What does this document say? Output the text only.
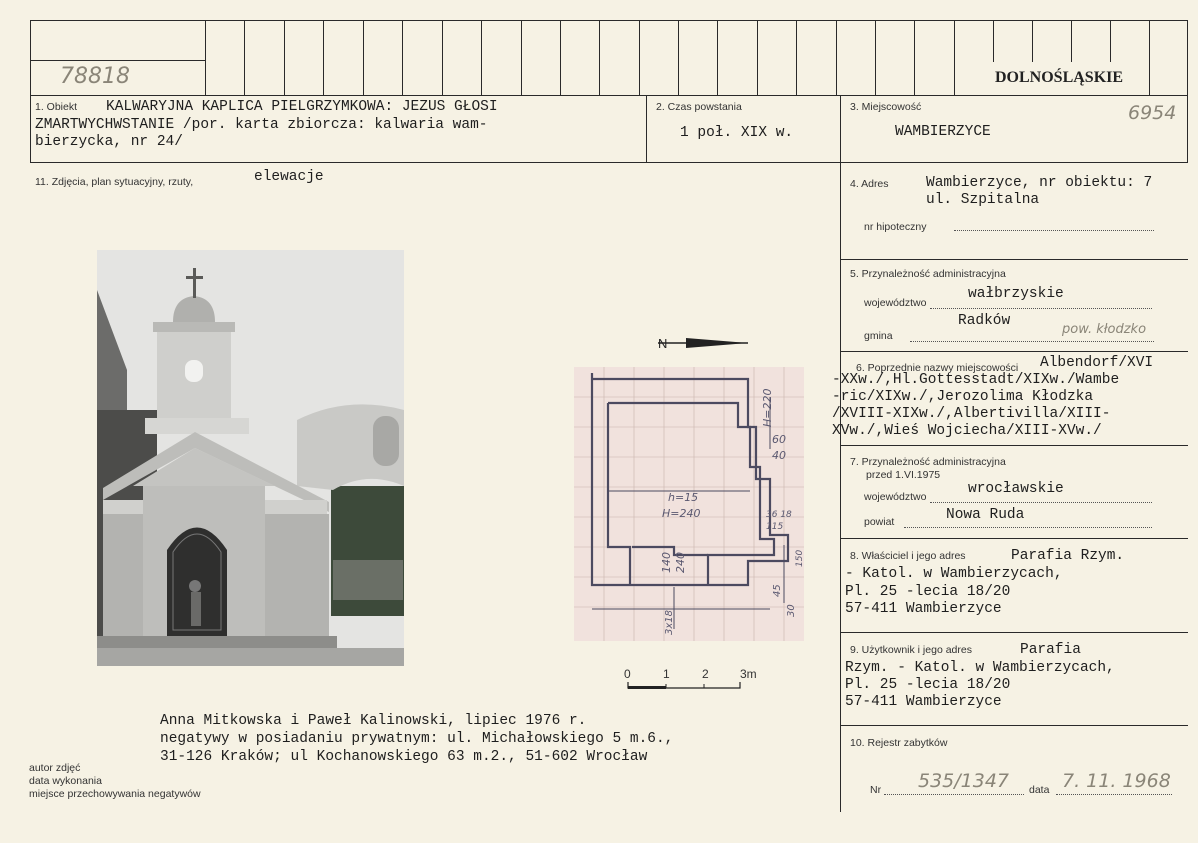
78818	DOLNOŚLĄSKIE
6954
1. Obiekt KALWARYJNA KAPLICA PIELGRZYMKOWA: JEZUS GŁOSI
ZMARTWYCHWSTANIE /por. karta zbiorcza: kalwaria wam-
bierzycka, nr 24/
2. Czas powstania
1 poł. XIX w.
3. Miejscowość
WAMBIERZYCE
11. Zdjęcia, plan sytuacyjny, rzuty,	elewacje	4. Adres	Wambierzyce, nr obiektu: 7
ul. Szpitalna
nr hipoteczny
5. Przynależność administracyjna
województwo
wałbrzyskie
gmina
Radków
pow. kłodzko
6. Poprzednie nazwy miejscowości Albendorf/XVI
-XXw./,Hl.Gottesstadt/XIXw./Wambe
-ric/XIXw./,Jerozolima Kłodzka
/XVIII-XIXw./,Albertivilla/XIII-
XVw./,Wieś Wojciecha/XIII-XVw./
7. Przynależność administracyjna
przed 1.VI.1975
województwo	wrocławskie
powiat	Nowa Ruda
8. Właściciel i jego adres	Parafia Rzym.
- Katol. w Wambierzycach,
Pl. 25 -lecia 18/20
57-411 Wambierzyce
9. Użytkownik i jego adres	Parafia
Rzym. - Katol. w Wambierzycach,
Pl. 25 -lecia 18/20
57-411 Wambierzyce
10. Rejestr zabytków
Nr 535/1347 data 7. 11. 1968
N
H=220
60
40
h=15
H=240	36 18
115
150
140 240
45
30
3x18
0	1	2	3m
Anna Mitkowska i Paweł Kalinowski, lipiec 1976 r.
negatywy w posiadaniu prywatnym: ul. Michałowskiego 5 m.6.,
31-126 Kraków; ul Kochanowskiego 63 m.2., 51-602 Wrocław
autor zdjęć
data wykonania
miejsce przechowywania negatywów
